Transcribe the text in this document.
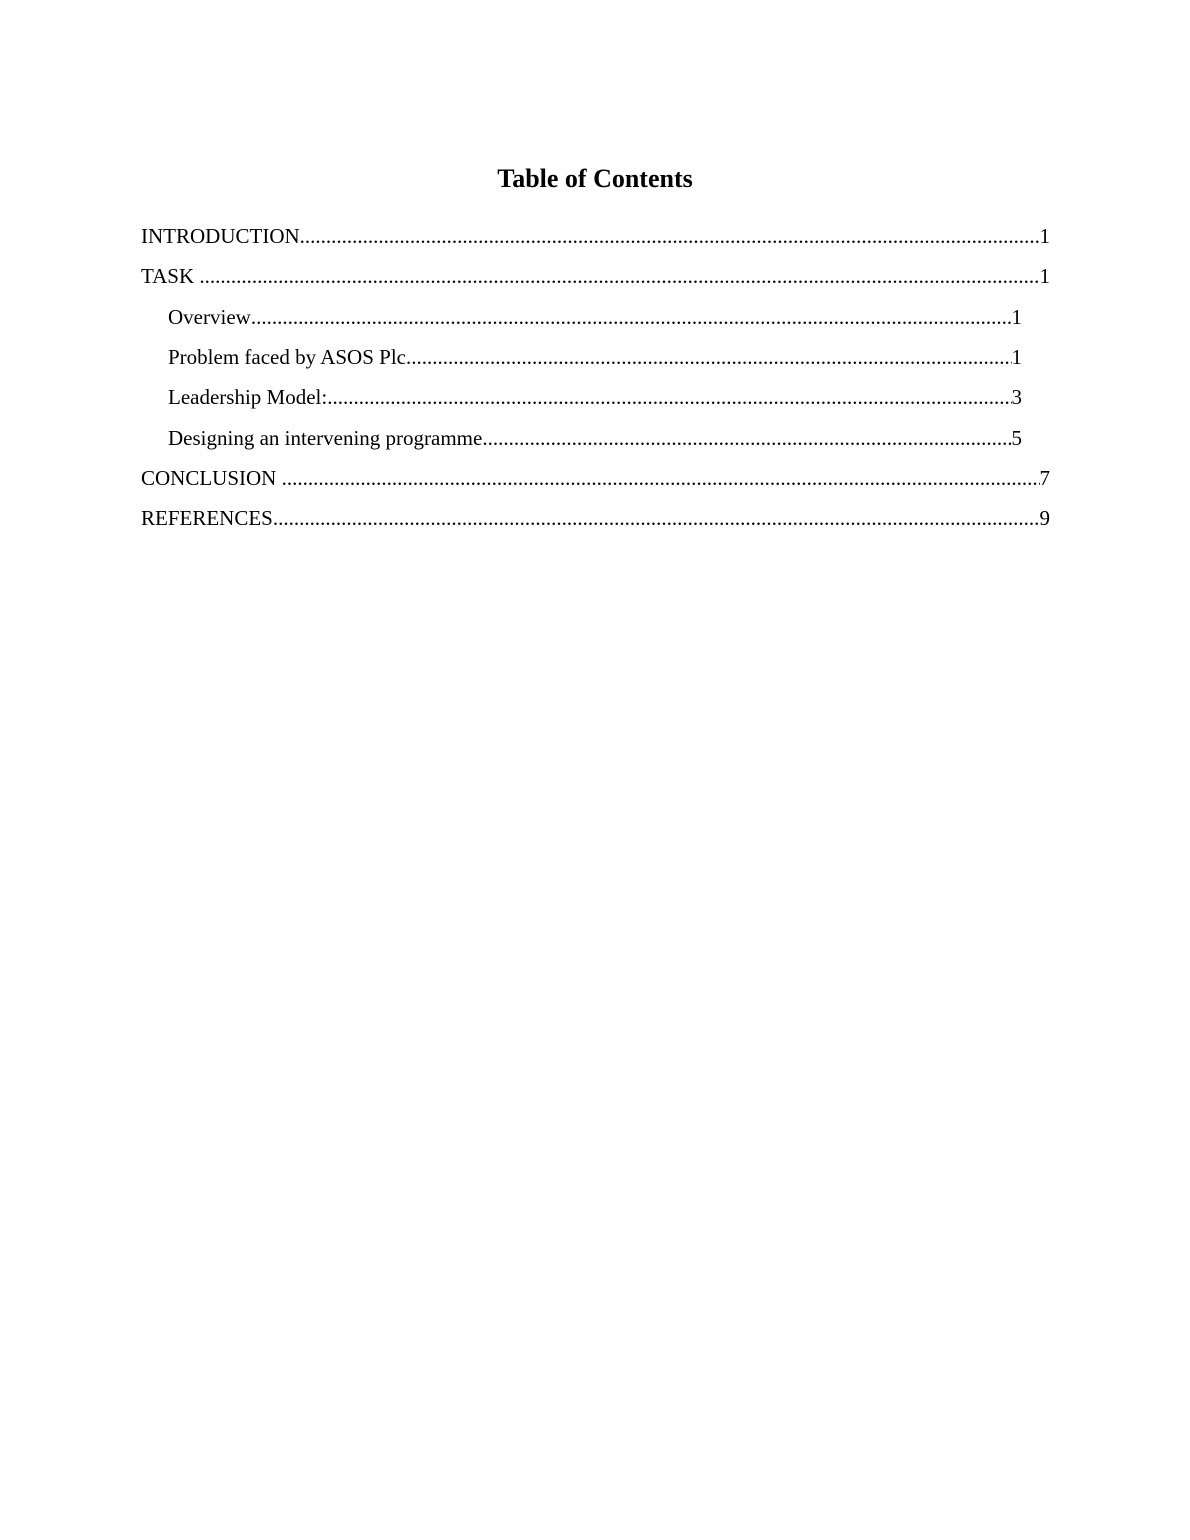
Table of Contents
INTRODUCTION .....	1
TASK .....	1
Overview .....	1
Problem faced by ASOS Plc .....	1
Leadership Model: .....	3
Designing an intervening programme .....	5
CONCLUSION .....	7
REFERENCES .....	9
